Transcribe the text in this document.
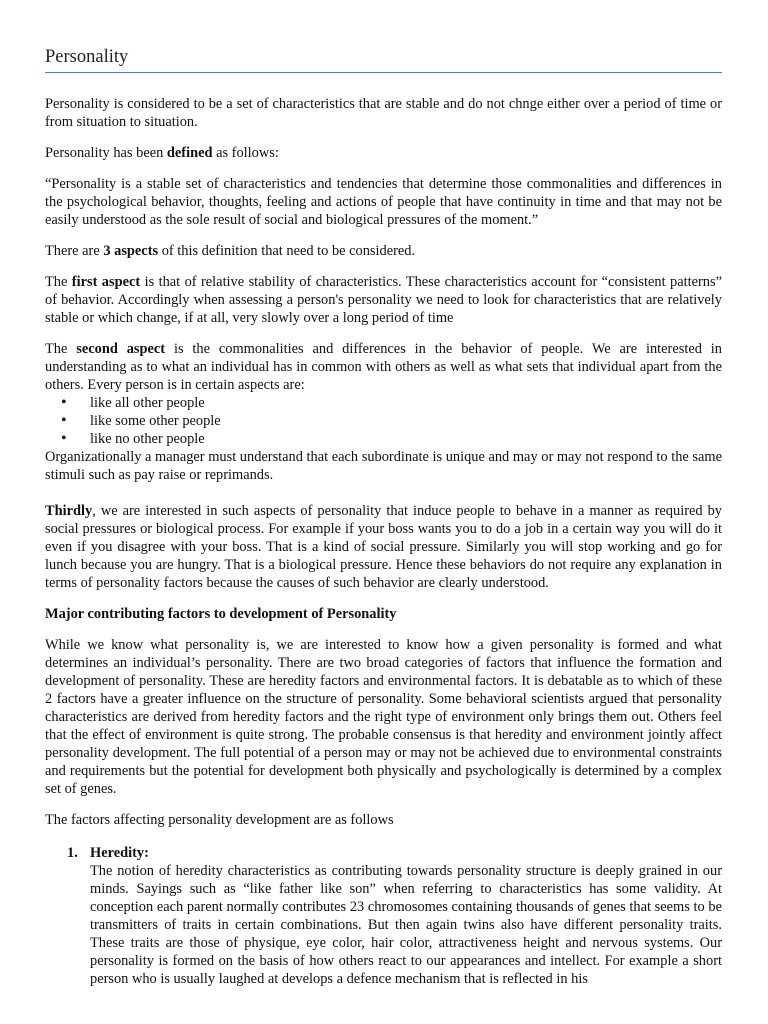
Personality

Personality is considered to be a set of characteristics that are stable and do not chnge either over a period of time or from situation to situation.

Personality has been defined as follows:

“Personality is a stable set of characteristics and tendencies that determine those commonalities and differences in the psychological behavior, thoughts, feeling and actions of people that have continuity in time and that may not be easily understood as the sole result of social and biological pressures of the moment.”

There are 3 aspects of this definition that need to be considered.

The first aspect is that of relative stability of characteristics. These characteristics account for “consistent patterns” of behavior. Accordingly when assessing a person's personality we need to look for characteristics that are relatively stable or which change, if at all, very slowly over a long period of time

The second aspect is the commonalities and differences in the behavior of people. We are interested in understanding as to what an individual has in common with others as well as what sets that individual apart from the others. Every person is in certain aspects are:

• like all other people
• like some other people
• like no other people

Organizationally a manager must understand that each subordinate is unique and may or may not respond to the same stimuli such as pay raise or reprimands.

Thirdly, we are interested in such aspects of personality that induce people to behave in a manner as required by social pressures or biological process. For example if your boss wants you to do a job in a certain way you will do it even if you disagree with your boss. That is a kind of social pressure. Similarly you will stop working and go for lunch because you are hungry. That is a biological pressure. Hence these behaviors do not require any explanation in terms of personality factors because the causes of such behavior are clearly understood.

Major contributing factors to development of Personality

While we know what personality is, we are interested to know how a given personality is formed and what determines an individual’s personality. There are two broad categories of factors that influence the formation and development of personality. These are heredity factors and environmental factors. It is debatable as to which of these 2 factors have a greater influence on the structure of personality. Some behavioral scientists argued that personality characteristics are derived from heredity factors and the right type of environment only brings them out. Others feel that the effect of environment is quite strong. The probable consensus is that heredity and environment jointly affect personality development. The full potential of a person may or may not be achieved due to environmental constraints and requirements but the potential for development both physically and psychologically is determined by a complex set of genes.

The factors affecting personality development are as follows

1. Heredity:

The notion of heredity characteristics as contributing towards personality structure is deeply grained in our minds. Sayings such as “like father like son” when referring to characteristics has some validity. At conception each parent normally contributes 23 chromosomes containing thousands of genes that seems to be transmitters of traits in certain combinations. But then again twins also have different personality traits. These traits are those of physique, eye color, hair color, attractiveness height and nervous systems. Our personality is formed on the basis of how others react to our appearances and intellect. For example a short person who is usually laughed at develops a defence mechanism that is reflected in his
